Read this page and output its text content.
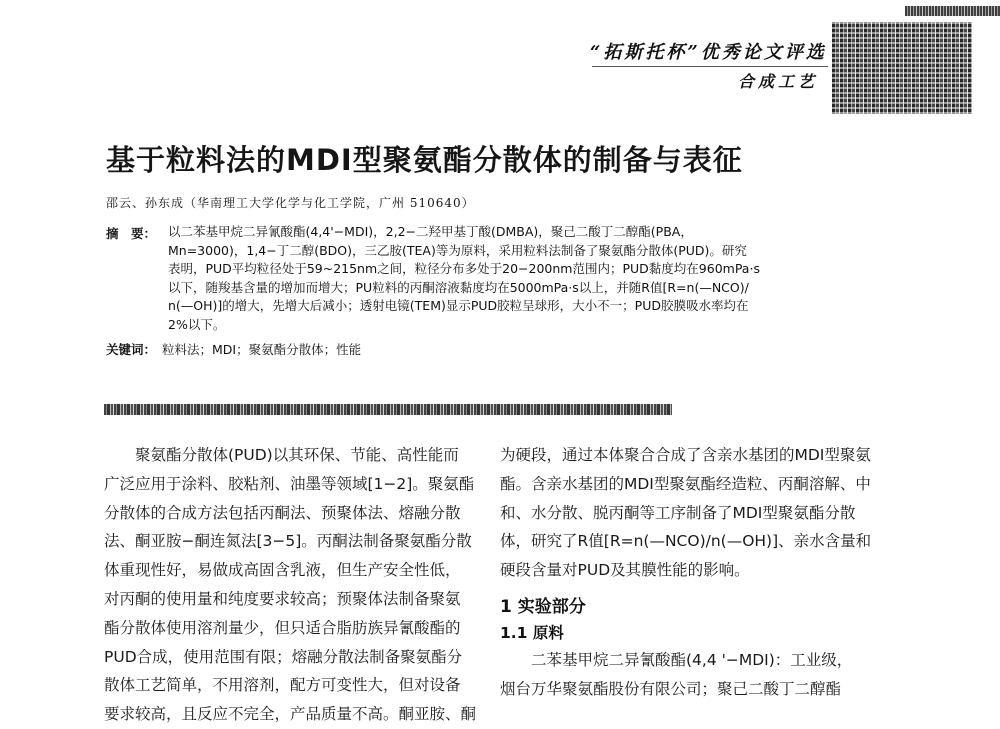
“拓斯托杯”优秀论文评选
合成工艺
基于粒料法的MDI型聚氨酯分散体的制备与表征
邵云、孙东成（华南理工大学化学与化工学院，广州 510640）
摘　要： 以二苯基甲烷二异氰酸酯(4,4'−MDI)，2,2−二羟甲基丁酸(DMBA)，聚己二酸丁二醇酯(PBA，
Mn=3000)，1,4−丁二醇(BDO)，三乙胺(TEA)等为原料，采用粒料法制备了聚氨酯分散体(PUD)。研究
表明，PUD平均粒径处于59~215nm之间，粒径分布多处于20−200nm范围内；PUD黏度均在960mPa·s
以下，随羧基含量的增加而增大；PU粒料的丙酮溶液黏度均在5000mPa·s以上，并随R值[R=n(—NCO)/
n(—OH)]的增大，先增大后减小；透射电镜(TEM)显示PUD胶粒呈球形，大小不一；PUD胶膜吸水率均在
2%以下。
关键词： 粒料法；MDI；聚氨酯分散体；性能
　　聚氨酯分散体(PUD)以其环保、节能、高性能而
广泛应用于涂料、胶粘剂、油墨等领域[1−2]。聚氨酯
分散体的合成方法包括丙酮法、预聚体法、熔融分散
法、酮亚胺−酮连氮法[3−5]。丙酮法制备聚氨酯分散
体重现性好，易做成高固含乳液，但生产安全性低，
对丙酮的使用量和纯度要求较高；预聚体法制备聚氨
酯分散体使用溶剂量少，但只适合脂肪族异氰酸酯的
PUD合成，使用范围有限；熔融分散法制备聚氨酯分
散体工艺简单，不用溶剂，配方可变性大，但对设备
要求较高，且反应不完全，产品质量不高。酮亚胺、酮
为硬段，通过本体聚合合成了含亲水基团的MDI型聚氨
酯。含亲水基团的MDI型聚氨酯经造粒、丙酮溶解、中
和、水分散、脱丙酮等工序制备了MDI型聚氨酯分散
体，研究了R值[R=n(—NCO)/n(—OH)]、亲水含量和
硬段含量对PUD及其膜性能的影响。
1 实验部分
1.1 原料
　　二苯基甲烷二异氰酸酯(4,4 '−MDI)：工业级，
烟台万华聚氨酯股份有限公司；聚己二酸丁二醇酯
